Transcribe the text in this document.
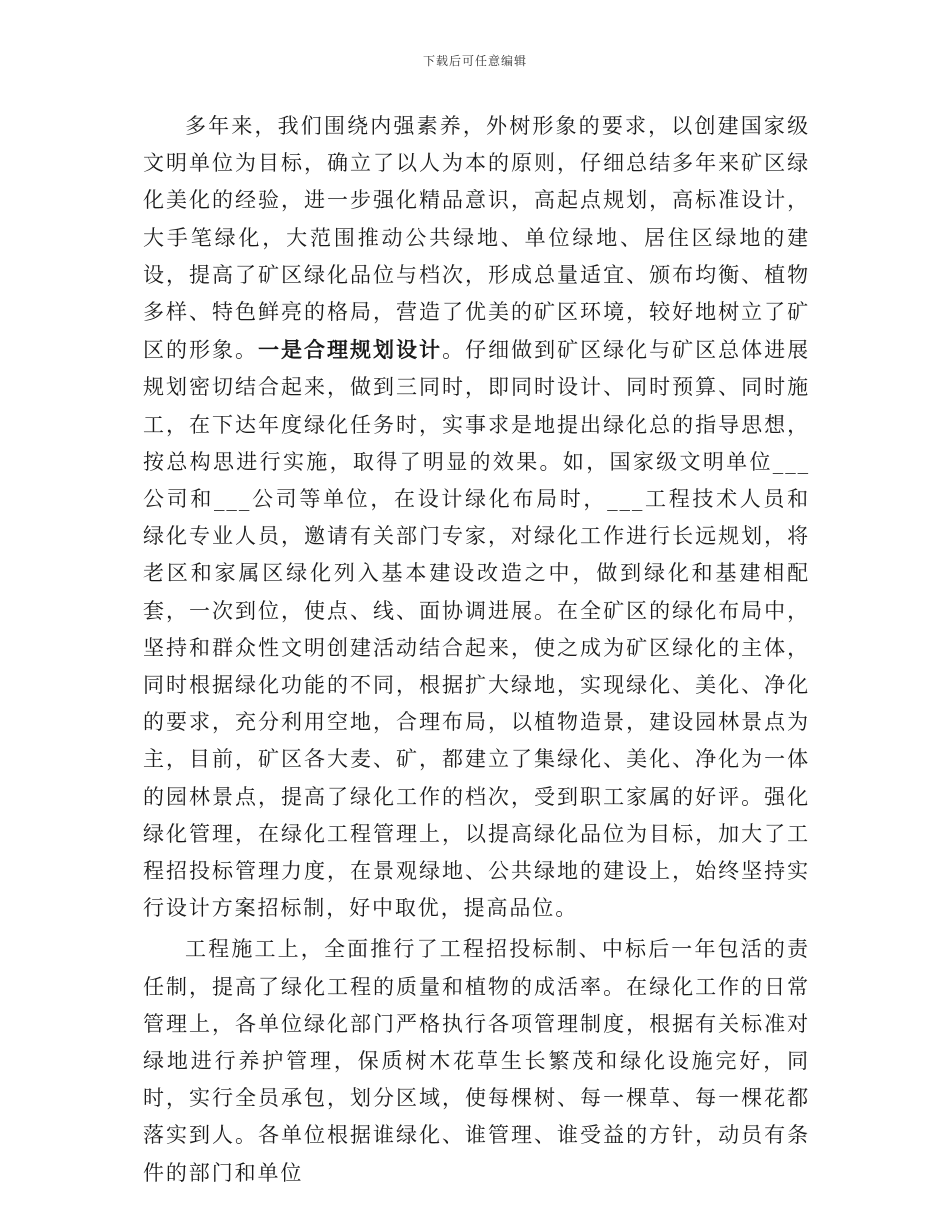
下载后可任意编辑

多年来，我们围绕内强素养，外树形象的要求，以创建国家级文明单位为目标，确立了以人为本的原则，仔细总结多年来矿区绿化美化的经验，进一步强化精品意识，高起点规划，高标准设计，大手笔绿化，大范围推动公共绿地、单位绿地、居住区绿地的建设，提高了矿区绿化品位与档次，形成总量适宜、颁布均衡、植物多样、特色鲜亮的格局，营造了优美的矿区环境，较好地树立了矿区的形象。一是合理规划设计。仔细做到矿区绿化与矿区总体进展规划密切结合起来，做到三同时，即同时设计、同时预算、同时施工，在下达年度绿化任务时，实事求是地提出绿化总的指导思想，按总构思进行实施，取得了明显的效果。如，国家级文明单位___公司和___公司等单位，在设计绿化布局时，___工程技术人员和绿化专业人员，邀请有关部门专家，对绿化工作进行长远规划，将老区和家属区绿化列入基本建设改造之中，做到绿化和基建相配套，一次到位，使点、线、面协调进展。在全矿区的绿化布局中，坚持和群众性文明创建活动结合起来，使之成为矿区绿化的主体，同时根据绿化功能的不同，根据扩大绿地，实现绿化、美化、净化的要求，充分利用空地，合理布局，以植物造景，建设园林景点为主，目前，矿区各大麦、矿，都建立了集绿化、美化、净化为一体的园林景点，提高了绿化工作的档次，受到职工家属的好评。强化绿化管理，在绿化工程管理上，以提高绿化品位为目标，加大了工程招投标管理力度，在景观绿地、公共绿地的建设上，始终坚持实行设计方案招标制，好中取优，提高品位。

工程施工上，全面推行了工程招投标制、中标后一年包活的责任制，提高了绿化工程的质量和植物的成活率。在绿化工作的日常管理上，各单位绿化部门严格执行各项管理制度，根据有关标准对绿地进行养护管理，保质树木花草生长繁茂和绿化设施完好，同时，实行全员承包，划分区域，使每棵树、每一棵草、每一棵花都落实到人。各单位根据谁绿化、谁管理、谁受益的方针，动员有条件的部门和单位
